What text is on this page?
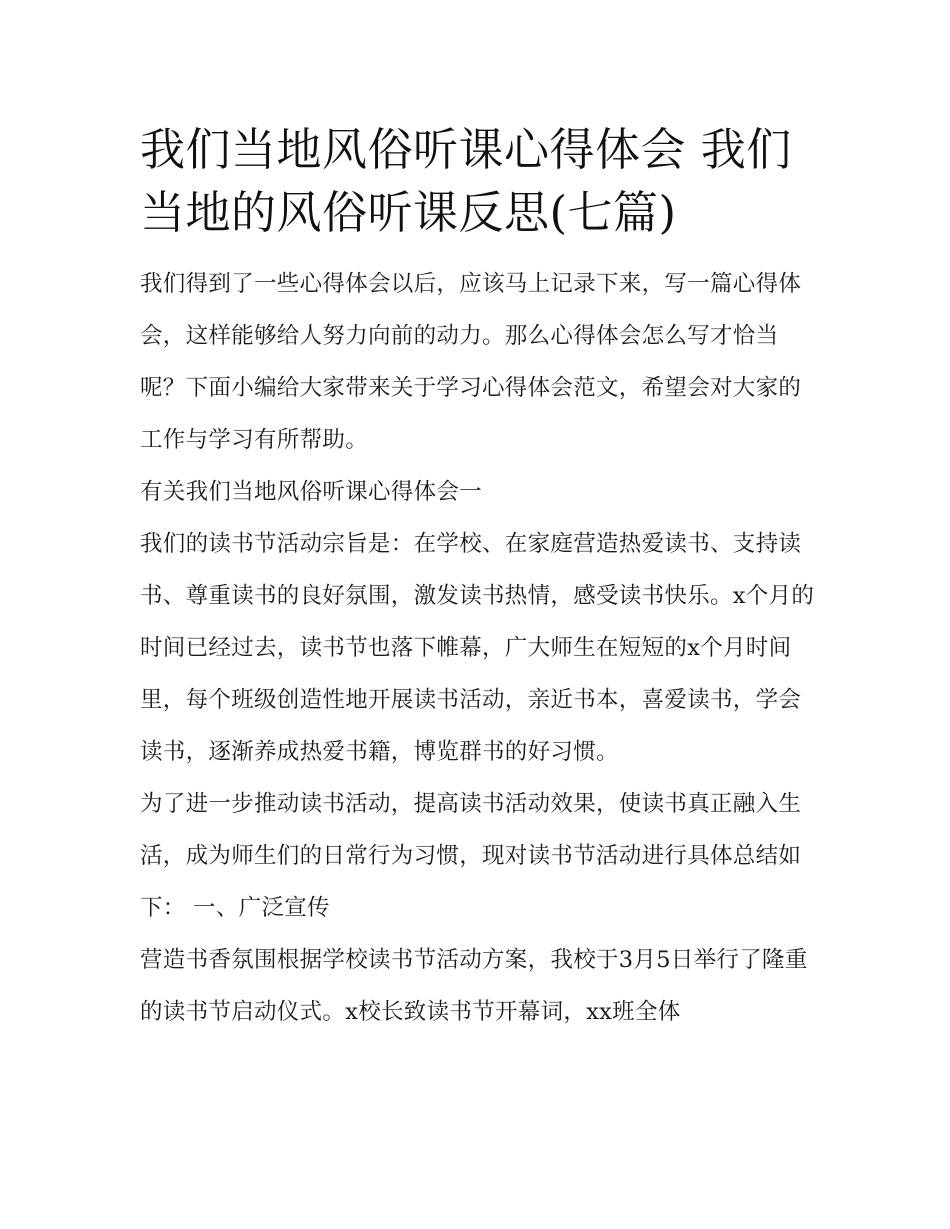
我们当地风俗听课心得体会 我们当地的风俗听课反思(七篇)

我们得到了一些心得体会以后，应该马上记录下来，写一篇心得体会，这样能够给人努力向前的动力。那么心得体会怎么写才恰当呢？下面小编给大家带来关于学习心得体会范文，希望会对大家的工作与学习有所帮助。

有关我们当地风俗听课心得体会一

我们的读书节活动宗旨是：在学校、在家庭营造热爱读书、支持读书、尊重读书的良好氛围，激发读书热情，感受读书快乐。x个月的时间已经过去，读书节也落下帷幕，广大师生在短短的x个月时间里，每个班级创造性地开展读书活动，亲近书本，喜爱读书，学会读书，逐渐养成热爱书籍，博览群书的好习惯。

为了进一步推动读书活动，提高读书活动效果，使读书真正融入生活，成为师生们的日常行为习惯，现对读书节活动进行具体总结如下： 一、广泛宣传

营造书香氛围根据学校读书节活动方案，我校于3月5日举行了隆重的读书节启动仪式。x校长致读书节开幕词，xx班全体
